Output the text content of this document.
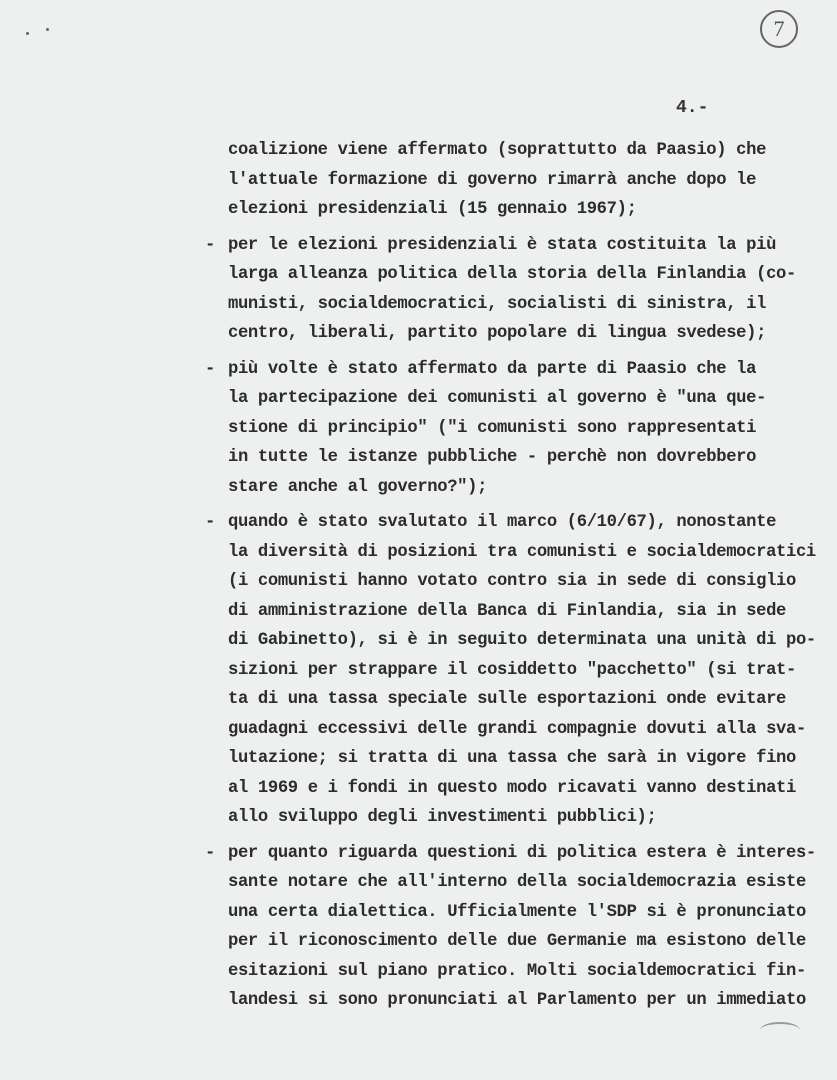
7
4.-
coalizione viene affermato (soprattutto da Paasio) che
l'attuale formazione di governo rimarrà anche dopo le
elezioni presidenziali (15 gennaio 1967);
- per le elezioni presidenziali è stata costituita la più
larga alleanza politica della storia della Finlandia (co-
munisti, socialdemocratici, socialisti di sinistra, il
centro, liberali, partito popolare di lingua svedese);
- più volte è stato affermato da parte di Paasio che la
la partecipazione dei comunisti al governo è "una que-
stione di principio" ("i comunisti sono rappresentati
in tutte le istanze pubbliche - perchè non dovrebbero
stare anche al governo?");
- quando è stato svalutato il marco (6/10/67), nonostante
la diversità di posizioni tra comunisti e socialdemocratici
(i comunisti hanno votato contro sia in sede di consiglio
di amministrazione della Banca di Finlandia, sia in sede
di Gabinetto), si è in seguito determinata una unità di po-
sizioni per strappare il cosiddetto "pacchetto" (si trat-
ta di una tassa speciale sulle esportazioni onde evitare
guadagni eccessivi delle grandi compagnie dovuti alla sva-
lutazione; si tratta di una tassa che sarà in vigore fino
al 1969 e i fondi in questo modo ricavati vanno destinati
allo sviluppo degli investimenti pubblici);
- per quanto riguarda questioni di politica estera è interes-
sante notare che all'interno della socialdemocrazia esiste
una certa dialettica. Ufficialmente l'SDP si è pronunciato
per il riconoscimento delle due Germanie ma esistono delle
esitazioni sul piano pratico. Molti socialdemocratici fin-
landesi si sono pronunciati al Parlamento per un immediato
